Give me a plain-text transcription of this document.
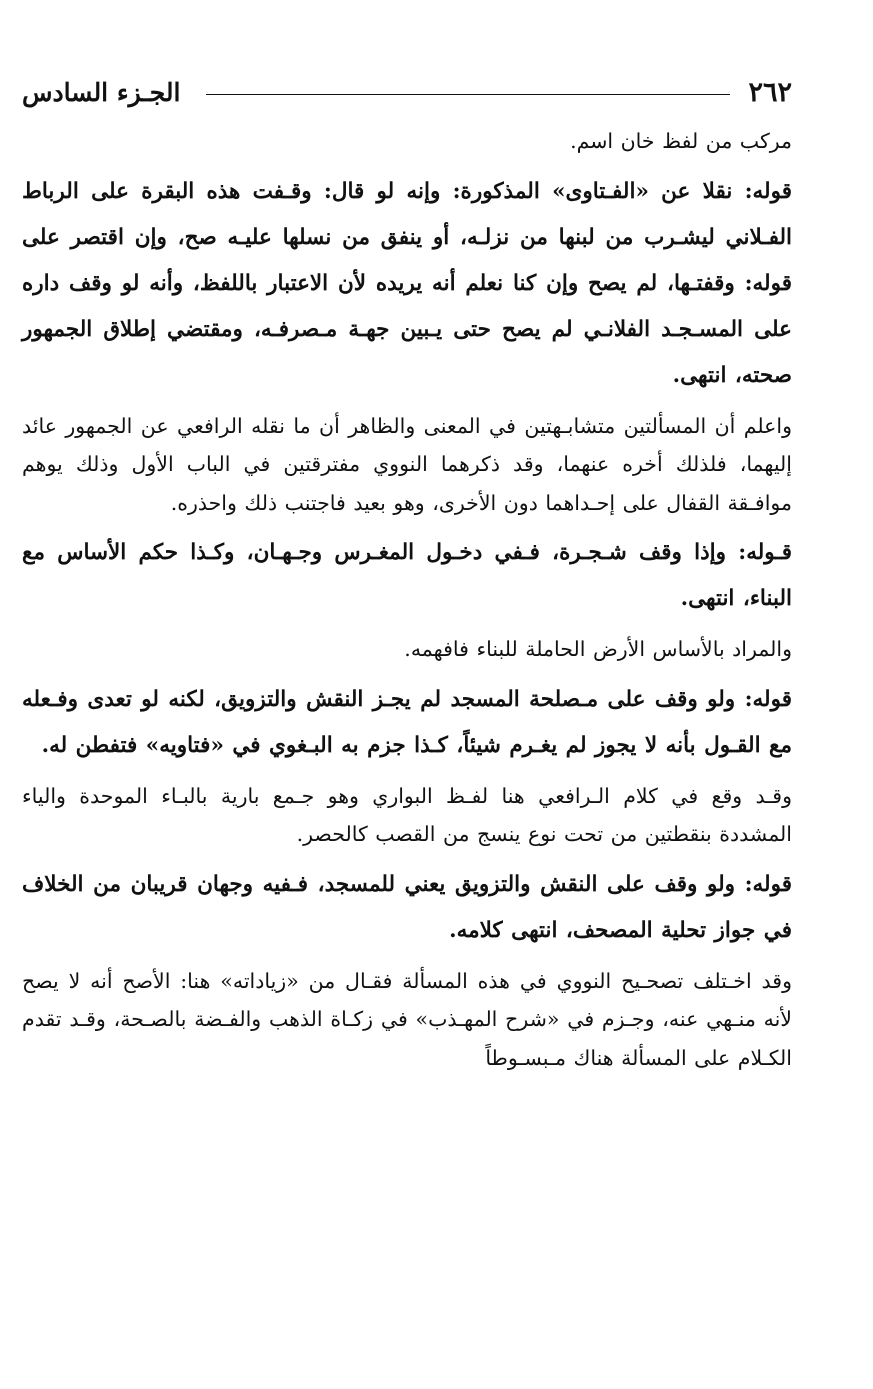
٢٦٢
الجـزء السادس

مركب من لفظ خان اسم.

قوله: نقلا عن «الفـتاوى» المذكورة: وإنه لو قال: وقـفت هذه البقرة على الرباط الفـلاني ليشـرب من لبنها من نزلـه، أو ينفق من نسلها عليـه صح، وإن اقتصر على قوله: وقفتـها، لم يصح وإن كنا نعلم أنه يريده لأن الاعتبار باللفظ، وأنه لو وقف داره على المسـجـد الفلانـي لم يصح حتى يـبين جهـة مـصرفـه، ومقتضي إطلاق الجمهور صحته، انتهى.

واعلم أن المسألتين متشابـهتين في المعنى والظاهر أن ما نقله الرافعي عن الجمهور عائد إليهما، فلذلك أخره عنهما، وقد ذكرهما النووي مفترقتين في الباب الأول وذلك يوهم موافـقة القفال على إحـداهما دون الأخرى، وهو بعيد فاجتنب ذلك واحذره.

قـوله: وإذا وقف شـجـرة، فـفي دخـول المغـرس وجـهـان، وكـذا حكم الأساس مع البناء، انتهى.

والمراد بالأساس الأرض الحاملة للبناء فافهمه.

قوله: ولو وقف على مـصلحة المسجد لم يجـز النقش والتزويق، لكنه لو تعدى وفـعله مع القـول بأنه لا يجوز لم يغـرم شيئاً، كـذا جزم به البـغوي في «فتاويه» فتفطن له.

وقـد وقع في كلام الـرافعي هنا لفـظ البواري وهو جـمع بارية بالبـاء الموحدة والياء المشددة بنقطتين من تحت نوع ينسج من القصب كالحصر.

قوله: ولو وقف على النقش والتزويق يعني للمسجد، فـفيه وجهان قريبان من الخلاف في جواز تحلية المصحف، انتهى كلامه.

وقد اخـتلف تصحـيح النووي في هذه المسألة فقـال من «زياداته» هنا: الأصح أنه لا يصح لأنه منـهي عنه، وجـزم في «شرح المهـذب» في زكـاة الذهب والفـضة بالصـحة، وقـد تقدم الكـلام على المسألة هناك مـبسـوطاً
